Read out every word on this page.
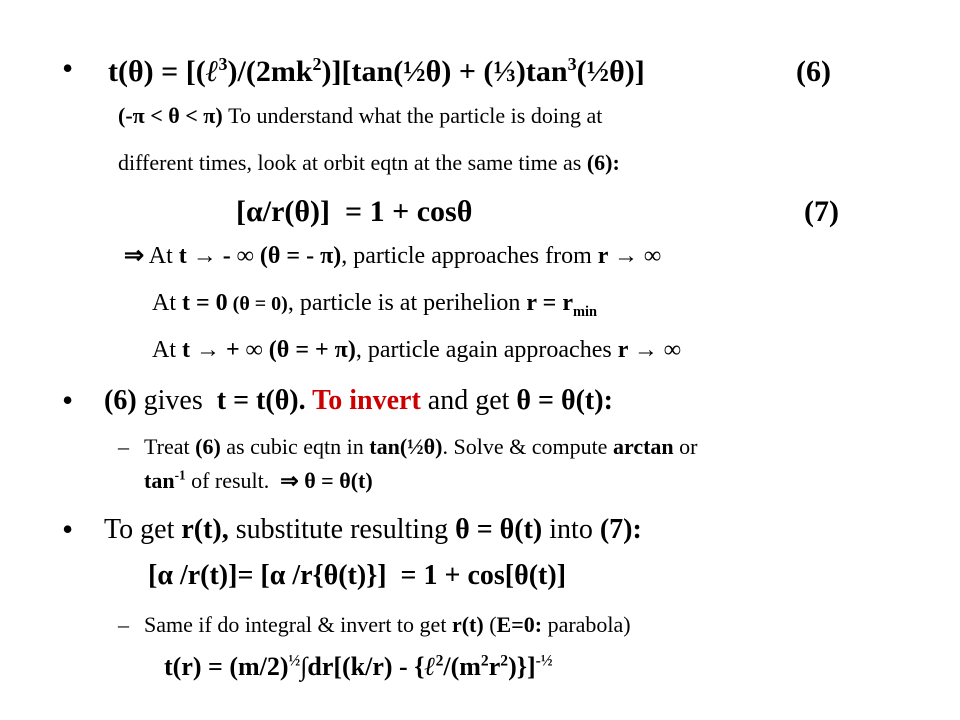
• $t(\theta) = [(\ell^3)/(2mk^2)][\tan(\frac{1}{2}\theta)$ + $(\frac{1}{3})\tan^3(\frac{1}{2}\theta)$]	(6)
(-π < θ < π) To understand what the particle is doing at
different times, look at orbit eqtn at the same time as (6):
[α/r(θ)]  = 1 + cosθ	(7)
⇒ At t → - ∞ (θ = - π), particle approaches from r → ∞
At t = 0 (θ = 0), particle is at perihelion $r = r_{min}$
At t → + ∞ (θ = + π), particle again approaches r → ∞
• (6) gives  t = t(θ). To invert and get θ = θ(t):
– Treat (6) as cubic eqtn in tan(½θ). Solve & compute arctan or
$\tan^{-1}$ of result.  ⇒ θ = θ(t)
• To get r(t), substitute resulting θ = θ(t) into (7):
[α /r(t)]= [α /r{θ(t)}]  = 1 + cos[θ(t)]
– Same if do integral & invert to get r(t) (E=0: parabola)
$t(r) = (m/2)^{\frac{1}{2}}\int dr[(k/r)$ - $\{\ell^2/(m^2r^2)\}]^{-\frac{1}{2}}$
